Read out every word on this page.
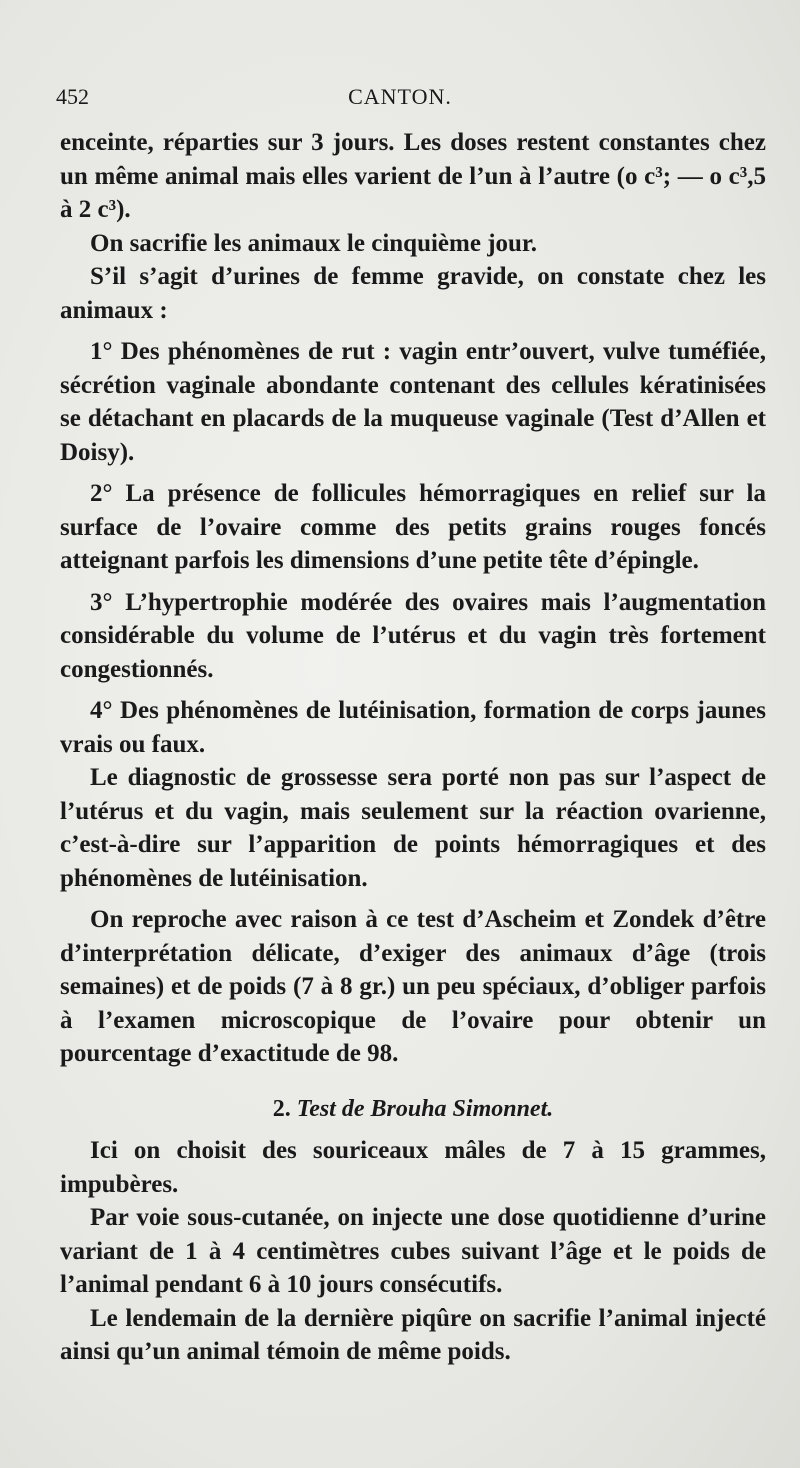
452	CANTON.

enceinte, réparties sur 3 jours. Les doses restent constantes chez un même animal mais elles varient de l’un à l’autre (o c³; — o c³,5 à 2 c³).

On sacrifie les animaux le cinquième jour.

S’il s’agit d’urines de femme gravide, on constate chez les animaux :

1° Des phénomènes de rut : vagin entr’ouvert, vulve tuméfiée, sécrétion vaginale abondante contenant des cellules kératinisées se détachant en placards de la muqueuse vaginale (Test d’Allen et Doisy).

2° La présence de follicules hémorragiques en relief sur la surface de l’ovaire comme des petits grains rouges foncés atteignant parfois les dimensions d’une petite tête d’épingle.

3° L’hypertrophie modérée des ovaires mais l’augmentation considérable du volume de l’utérus et du vagin très fortement congestionnés.

4° Des phénomènes de lutéinisation, formation de corps jaunes vrais ou faux.

Le diagnostic de grossesse sera porté non pas sur l’aspect de l’utérus et du vagin, mais seulement sur la réaction ovarienne, c’est-à-dire sur l’apparition de points hémorragiques et des phénomènes de lutéinisation.

On reproche avec raison à ce test d’Ascheim et Zondek d’être d’interprétation délicate, d’exiger des animaux d’âge (trois semaines) et de poids (7 à 8 gr.) un peu spéciaux, d’obliger parfois à l’examen microscopique de l’ovaire pour obtenir un pourcentage d’exactitude de 98.

2. Test de Brouha Simonnet.

Ici on choisit des souriceaux mâles de 7 à 15 grammes, impubères.

Par voie sous-cutanée, on injecte une dose quotidienne d’urine variant de 1 à 4 centimètres cubes suivant l’âge et le poids de l’animal pendant 6 à 10 jours consécutifs.

Le lendemain de la dernière piqûre on sacrifie l’animal injecté ainsi qu’un animal témoin de même poids.
